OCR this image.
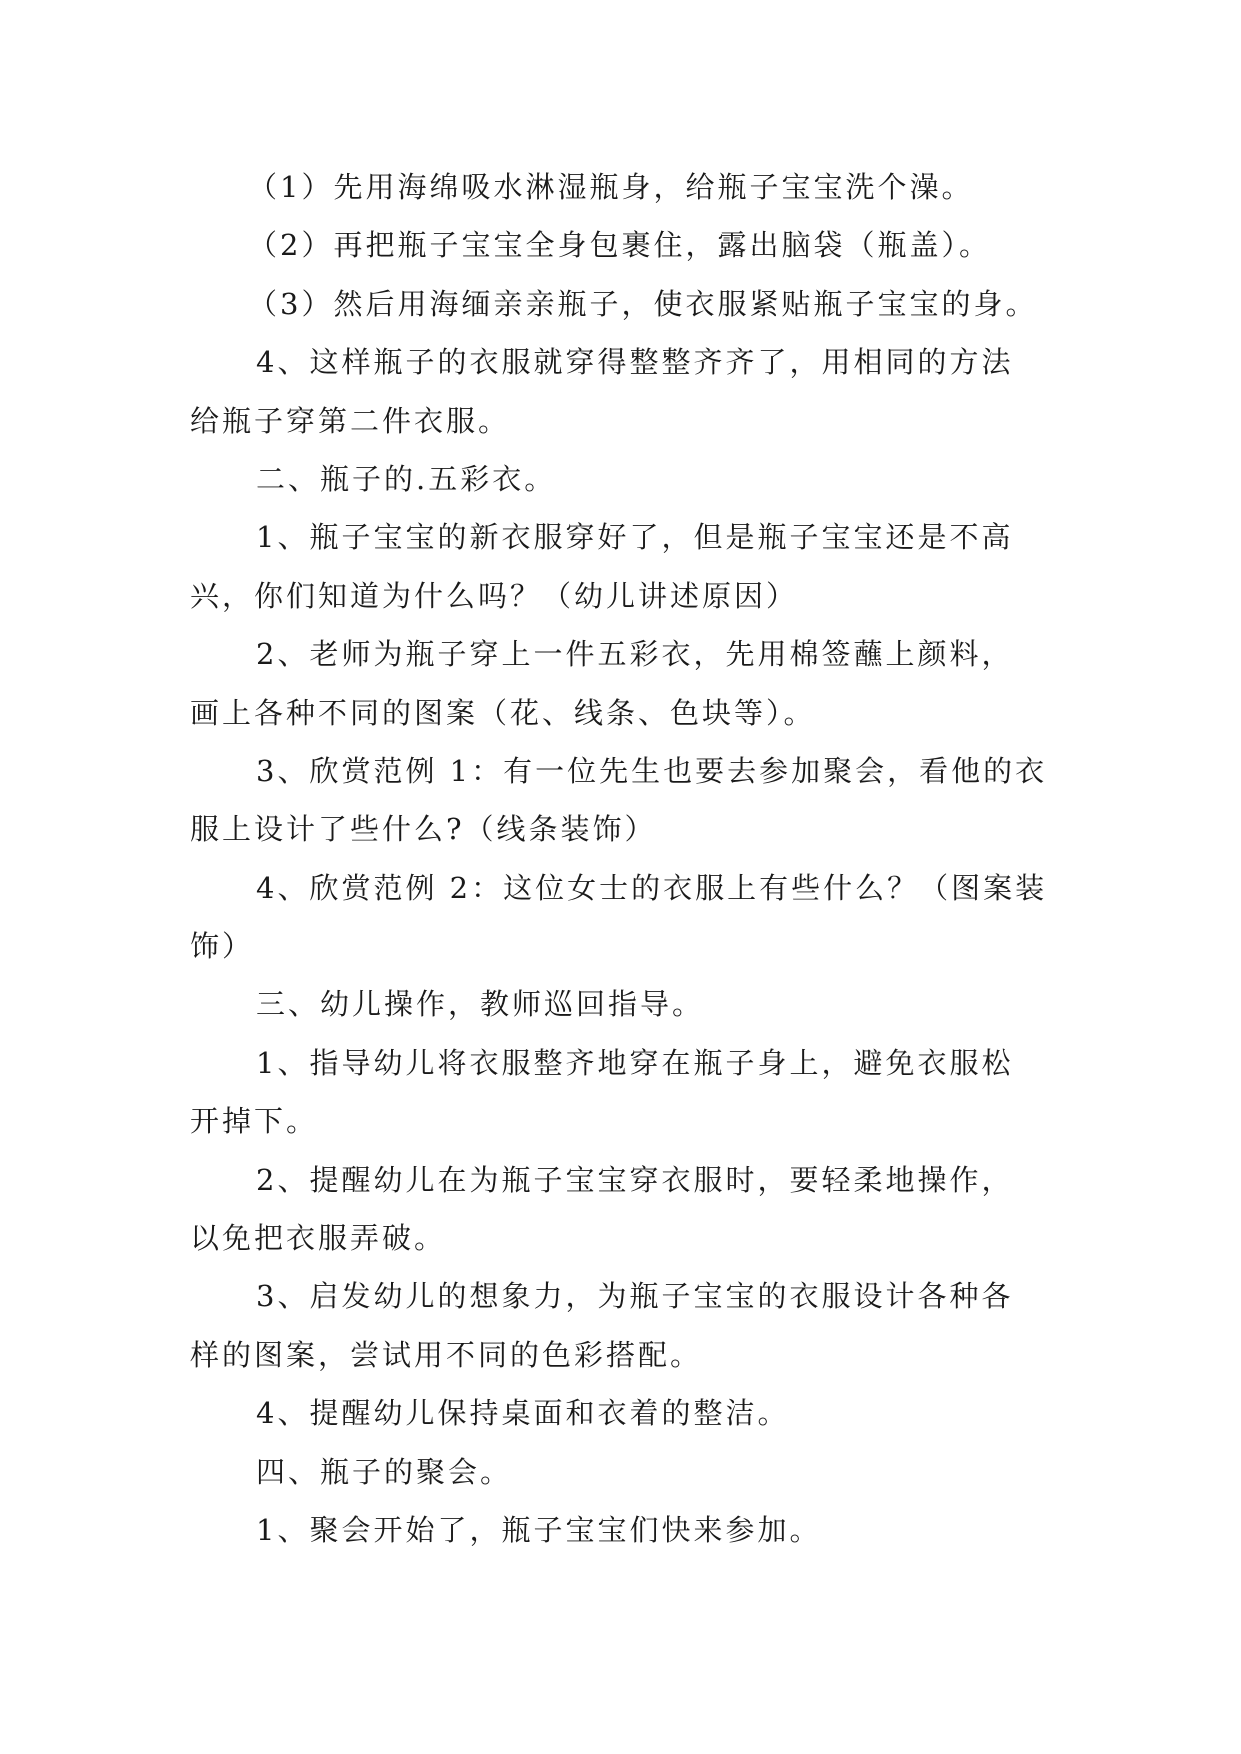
（1）先用海绵吸水淋湿瓶身，给瓶子宝宝洗个澡。
（2）再把瓶子宝宝全身包裹住，露出脑袋（瓶盖）。
（3）然后用海缅亲亲瓶子，使衣服紧贴瓶子宝宝的身。
4、这样瓶子的衣服就穿得整整齐齐了，用相同的方法
给瓶子穿第二件衣服。
二、瓶子的.五彩衣。
1、瓶子宝宝的新衣服穿好了，但是瓶子宝宝还是不高
兴，你们知道为什么吗？（幼儿讲述原因）
2、老师为瓶子穿上一件五彩衣，先用棉签蘸上颜料，
画上各种不同的图案（花、线条、色块等）。
3、欣赏范例 1：有一位先生也要去参加聚会，看他的衣
服上设计了些什么?（线条装饰）
4、欣赏范例 2：这位女士的衣服上有些什么？（图案装
饰）
三、幼儿操作，教师巡回指导。
1、指导幼儿将衣服整齐地穿在瓶子身上，避免衣服松
开掉下。
2、提醒幼儿在为瓶子宝宝穿衣服时，要轻柔地操作，
以免把衣服弄破。
3、启发幼儿的想象力，为瓶子宝宝的衣服设计各种各
样的图案，尝试用不同的色彩搭配。
4、提醒幼儿保持桌面和衣着的整洁。
四、瓶子的聚会。
1、聚会开始了，瓶子宝宝们快来参加。
